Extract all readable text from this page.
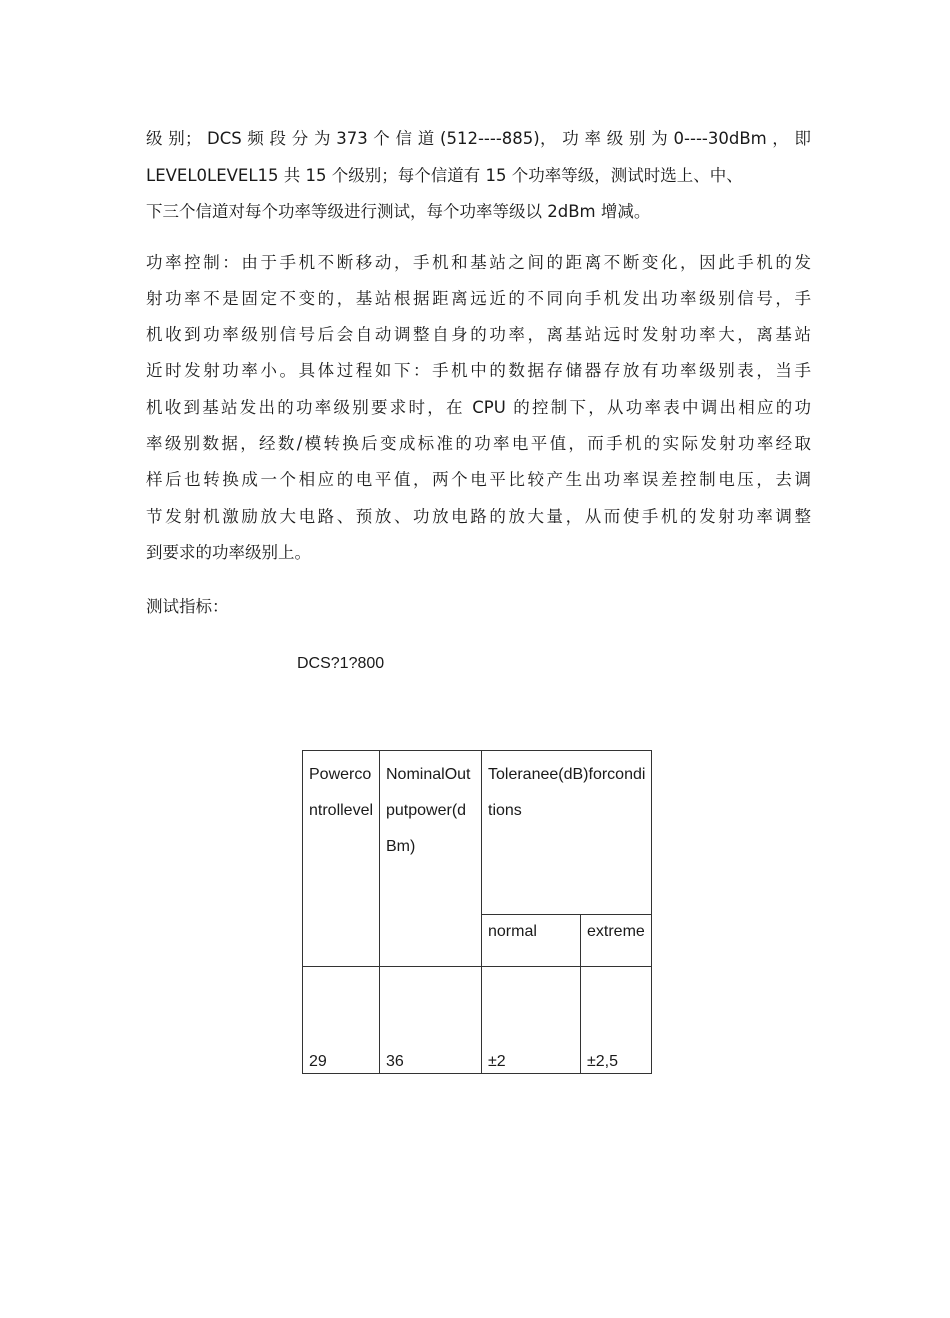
级 别； DCS 频 段 分 为 373 个 信 道 (512----885)， 功 率 级 别 为 0----30dBm ， 即
LEVEL0LEVEL15 共 15 个级别；每个信道有 15 个功率等级，测试时选上、中、
下三个信道对每个功率等级进行测试，每个功率等级以 2dBm 增减。
功率控制：由于手机不断移动，手机和基站之间的距离不断变化，因此手机的发
射功率不是固定不变的，基站根据距离远近的不同向手机发出功率级别信号，手
机收到功率级别信号后会自动调整自身的功率，离基站远时发射功率大，离基站
近时发射功率小。具体过程如下：手机中的数据存储器存放有功率级别表，当手
机收到基站发出的功率级别要求时，在 CPU 的控制下，从功率表中调出相应的功
率级别数据，经数/模转换后变成标准的功率电平值，而手机的实际发射功率经取
样后也转换成一个相应的电平值，两个电平比较产生出功率误差控制电压，去调
节发射机激励放大电路、预放、功放电路的放大量，从而使手机的发射功率调整
到要求的功率级别上。
测试指标：
DCS?1?800
Powercontrollevel	NominalOutputpower(dBm)	Toleranee(dB)forconditions	
		normal	extreme
29	36	±2	±2,5
